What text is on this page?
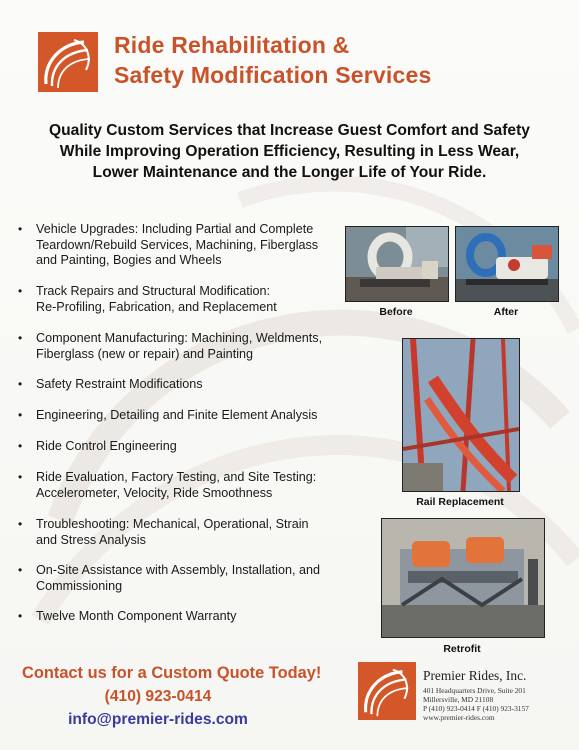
Ride Rehabilitation &
Safety Modification Services

Quality Custom Services that Increase Guest Comfort and Safety
While Improving Operation Efficiency, Resulting in Less Wear,
Lower Maintenance and the Longer Life of Your Ride.

• Vehicle Upgrades: Including Partial and Complete
Teardown/Rebuild Services, Machining, Fiberglass
and Painting, Bogies and Wheels
• Track Repairs and Structural Modification:
Re-Profiling, Fabrication, and Replacement
• Component Manufacturing: Machining, Weldments,
Fiberglass (new or repair) and Painting
• Safety Restraint Modifications
• Engineering, Detailing and Finite Element Analysis
• Ride Control Engineering
• Ride Evaluation, Factory Testing, and Site Testing:
Accelerometer, Velocity, Ride Smoothness
• Troubleshooting: Mechanical, Operational, Strain
and Stress Analysis
• On-Site Assistance with Assembly, Installation, and
Commissioning
• Twelve Month Component Warranty
Before	After
Rail Replacement
Retrofit

Contact us for a Custom Quote Today!

(410) 923-0414
info@premier-rides.com
Premier Rides, Inc.
401 Headquarters Drive, Suite 201
Millersville, MD 21108
P (410) 923-0414 F (410) 923-3157
www.premier-rides.com
